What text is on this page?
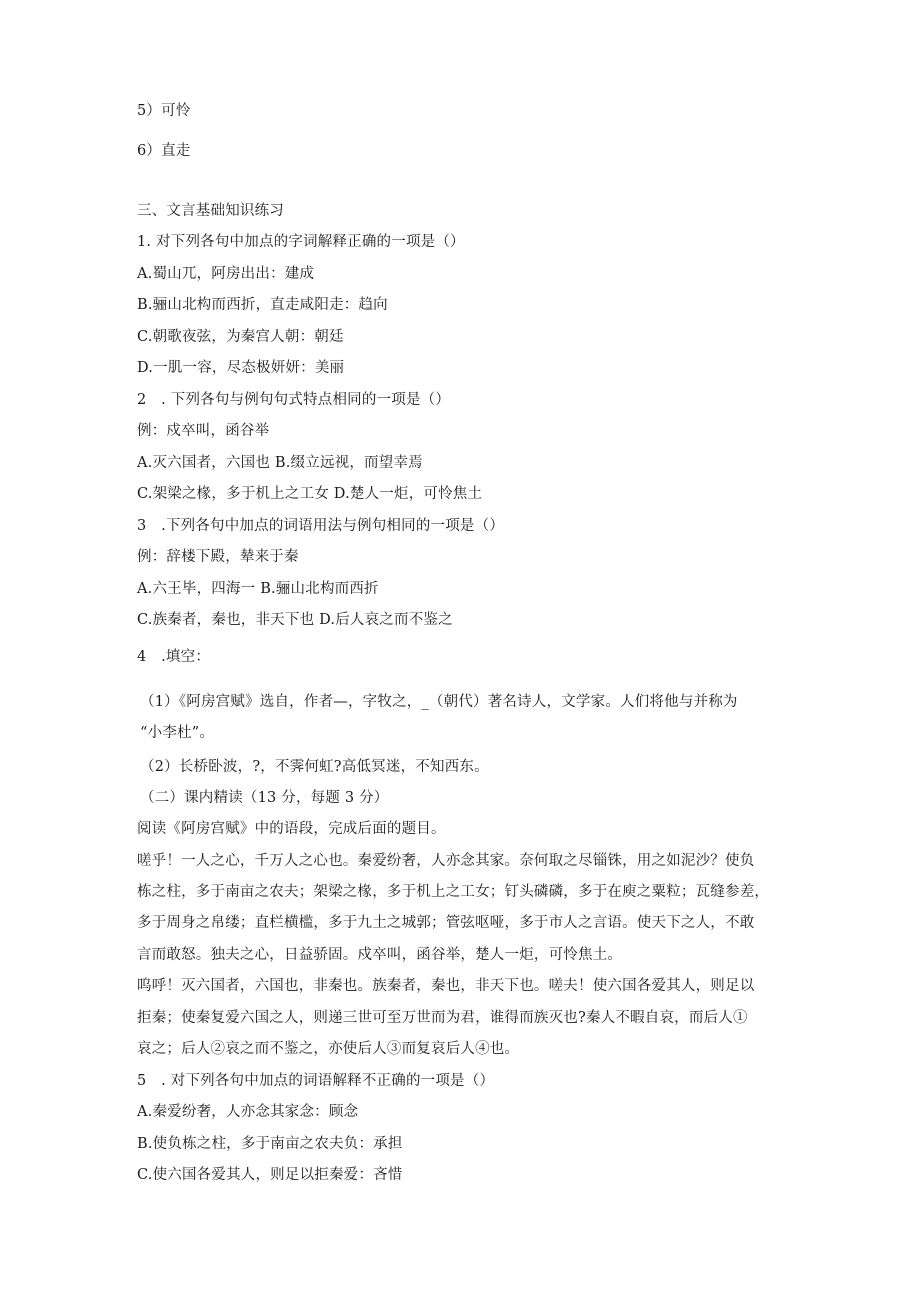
5）可怜
6）直走
三、文言基础知识练习
1. 对下列各句中加点的字词解释正确的一项是（）
A.蜀山兀，阿房出出：建成
B.骊山北构而西折，直走咸阳走：趋向
C.朝歌夜弦，为秦宫人朝：朝廷
D.一肌一容，尽态极妍妍：美丽
2　. 下列各句与例句句式特点相同的一项是（）
例：戍卒叫，函谷举
A.灭六国者，六国也 B.缀立远视，而望幸焉
C.架梁之椽，多于机上之工女 D.楚人一炬，可怜焦土
3　.下列各句中加点的词语用法与例句相同的一项是（）
例：辞楼下殿，辇来于秦
A.六王毕，四海一 B.骊山北构而西折
C.族秦者，秦也，非天下也 D.后人哀之而不鉴之
4　.填空：
（1）《阿房宫赋》选自，作者—，字牧之，_（朝代）著名诗人，文学家。人们将他与并称为
“小李杜”。
（2）长桥卧波，?，不霁何虹?高低冥迷，不知西东。
（二）课内精读（13 分，每题 3 分）
阅读《阿房宫赋》中的语段，完成后面的题目。
嗟乎！一人之心，千万人之心也。秦爱纷奢，人亦念其家。奈何取之尽锱铢，用之如泥沙？使负
栋之柱，多于南亩之农夫；架梁之椽，多于机上之工女；钉头磷磷，多于在庾之粟粒；瓦缝参差，
多于周身之帛缕；直栏横槛，多于九土之城郭；管弦呕哑，多于市人之言语。使天下之人，不敢
言而敢怒。独夫之心，日益骄固。戍卒叫，函谷举，楚人一炬，可怜焦土。
呜呼！灭六国者，六国也，非秦也。族秦者，秦也，非天下也。嗟夫！使六国各爱其人，则足以
拒秦；使秦复爱六国之人，则递三世可至万世而为君，谁得而族灭也?秦人不暇自哀，而后人①
哀之；后人②哀之而不鉴之，亦使后人③而复哀后人④也。
5　. 对下列各句中加点的词语解释不正确的一项是（）
A.秦爱纷奢，人亦念其家念：顾念
B.使负栋之柱，多于南亩之农夫负：承担
C.使六国各爱其人，则足以拒秦爱：吝惜
